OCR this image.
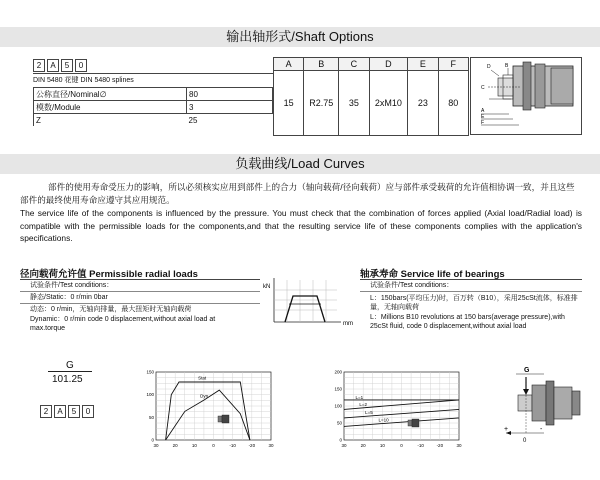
输出轴形式/Shaft Options
2	A	5	0
DIN 5480 花键 DIN 5480 splines
公称直径/Nominal∅	80
模数/Module	3
Z	25
A	B	C	D	E	F
15	R2.75	35	2xM10	23	80
D	B
C
A
E
F
负载曲线/Load Curves
部件的使用寿命受压力的影响，所以必须核实应用到部件上的合力（轴向载荷/径向载荷）应与部件承受载荷的允许值相协调一致，并且这些部件的最终使用寿命应遵守其应用规范。
The service life of the components is influenced by the pressure. You must check that the combination of forces applied (Axial load/Radial load) is compatible with the permissible loads for the components,and that the resulting service life of these components complies with the application's specifications.
径向载荷允许值 Permissible radial loads
试验条件/Test conditions：
静态/Static：0 r/min 0bar
动态：0 r/min，无轴向排量，最大扭矩时无轴向载荷
Dynamic：0 r/min code 0 displacement,without axial load at max.torque
kN
mm
轴承寿命 Service life of bearings
试验条件/Test conditions：
L：150bars(平均压力)时，百万转（B10），采用25cSt流体，标准排量，无轴向载荷
L：Millions B10 revolutions at 150 bars(average pressure),with 25cSt fluid, code 0 displacement,without axial load
G
101.25
2	A	5	0
30	20	10	0	-10	-20	30
0
50
100
150
Stat
Dyn
30	20	10	0	-10	-20	30
0
50
100
150
200
L=1
L=2
L=5
L=10
G
+
0
-
